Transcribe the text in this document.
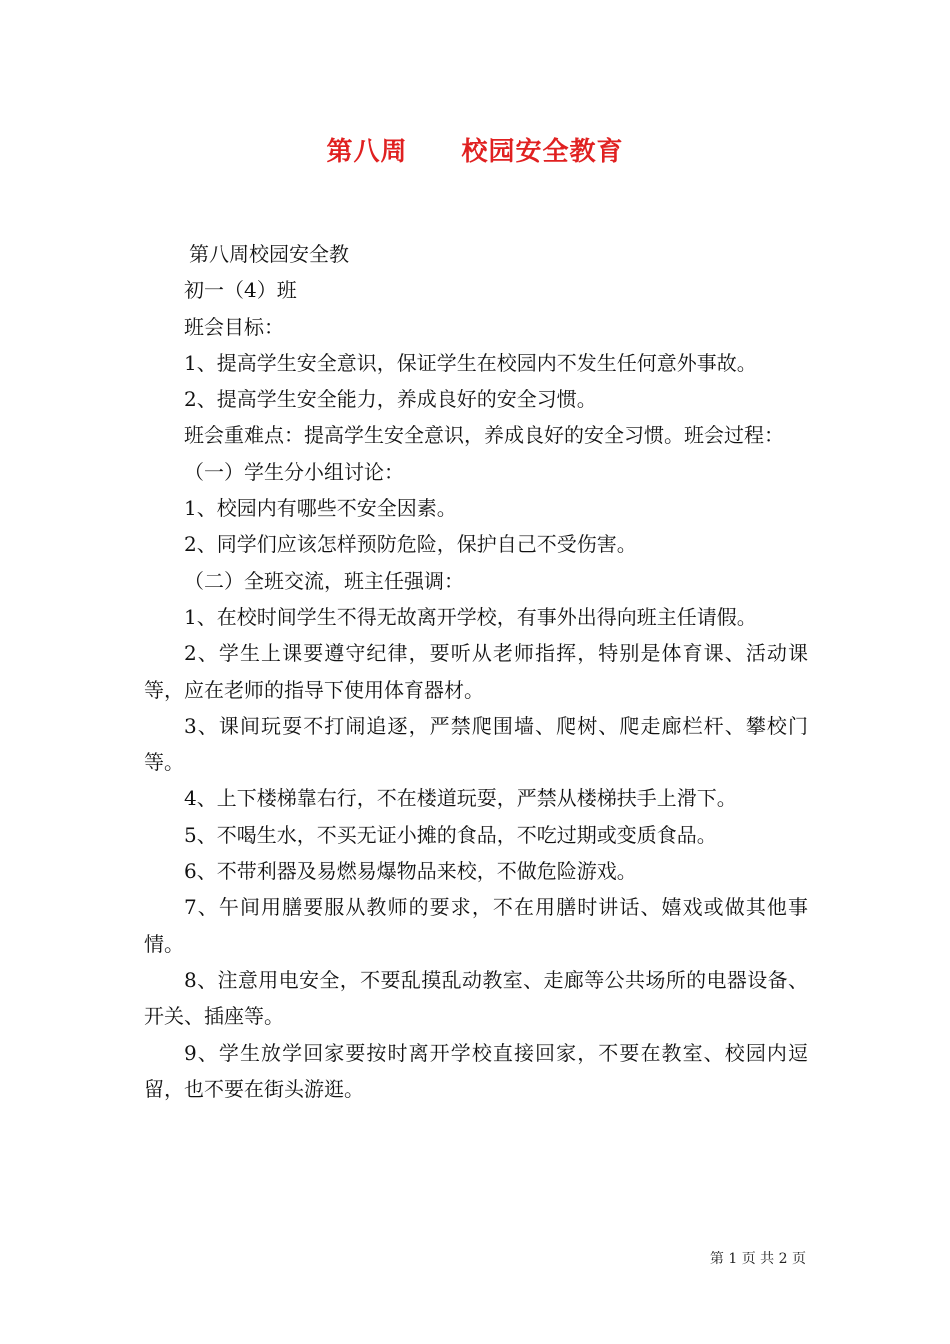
第八周　　校园安全教育

第八周校园安全教

初一（4）班

班会目标：

1、提高学生安全意识，保证学生在校园内不发生任何意外事故。

2、提高学生安全能力，养成良好的安全习惯。

班会重难点：提高学生安全意识，养成良好的安全习惯。班会过程：

（一）学生分小组讨论：

1、校园内有哪些不安全因素。

2、同学们应该怎样预防危险，保护自己不受伤害。

（二）全班交流，班主任强调：

1、在校时间学生不得无故离开学校，有事外出得向班主任请假。

2、学生上课要遵守纪律，要听从老师指挥，特别是体育课、活动课等，应在老师的指导下使用体育器材。

3、课间玩耍不打闹追逐，严禁爬围墙、爬树、爬走廊栏杆、攀校门等。

4、上下楼梯靠右行，不在楼道玩耍，严禁从楼梯扶手上滑下。

5、不喝生水，不买无证小摊的食品，不吃过期或变质食品。

6、不带利器及易燃易爆物品来校，不做危险游戏。

7、午间用膳要服从教师的要求，不在用膳时讲话、嬉戏或做其他事情。

8、注意用电安全，不要乱摸乱动教室、走廊等公共场所的电器设备、开关、插座等。

9、学生放学回家要按时离开学校直接回家，不要在教室、校园内逗留，也不要在街头游逛。

第 1 页 共 2 页
